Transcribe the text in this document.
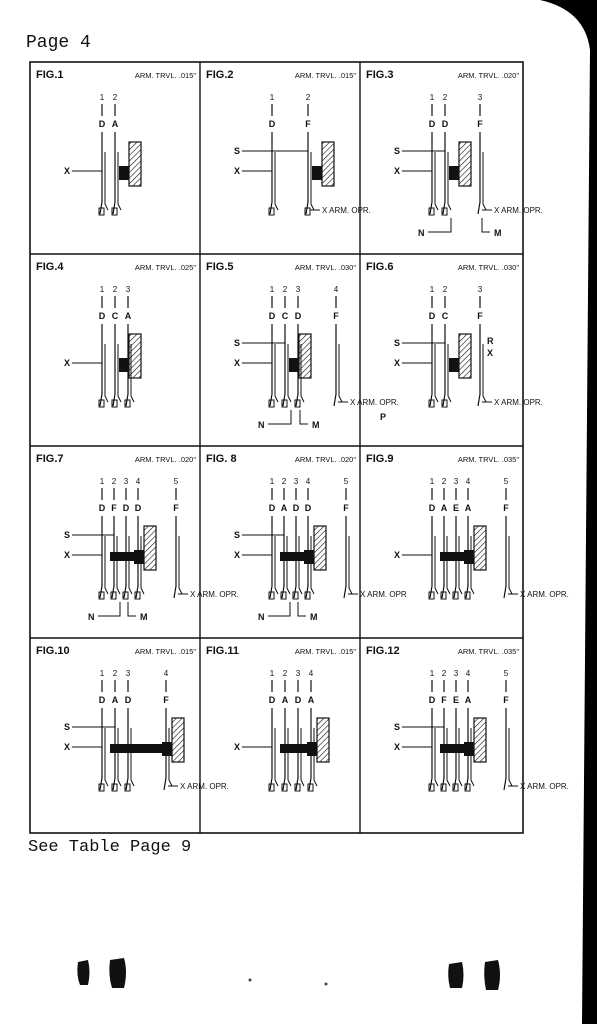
Page 4
See Table Page 9
FIG.1	ARM. TRVL. .015"
1
D
2
A
X
FIG.2	ARM. TRVL. .015"
1
D
2
F
S
X
X ARM. OPR.
FIG.3	ARM. TRVL. .020"
1
D
2
D
3
F
S
X
X ARM. OPR.
N	M
FIG.4	ARM. TRVL. .025"
1
D
2
C
3
A
X
FIG.5	ARM. TRVL. .030"
1
D
2
C
3
D
4
F
S
X
X ARM. OPR.
N	M
FIG.6	ARM. TRVL. .030"
1
D
2
C
3
F
S
X
X ARM. OPR.
R
X
P
FIG.7	ARM. TRVL. .020"
1
D
2
F
3
D
4
D
5
F
S
X
X ARM. OPR.
N	M
FIG. 8	ARM. TRVL. .020"
1
D
2
A
3
D
4
D
5
F
S
X
X ARM. OPR
N	M
FIG.9	ARM. TRVL. .035"
1
D
2
A
3
E
4
A
5
F
X
X ARM. OPR.
FIG.10	ARM. TRVL. .015"
1
D
2
A
3
D
4
F
S
X
X ARM. OPR.
FIG.11	ARM. TRVL. .015"
1
D
2
A
3
D
4
A
X
FIG.12	ARM. TRVL. .035"
1
D
2
F
3
E
4
A
5
F
S
X
X ARM. OPR.
